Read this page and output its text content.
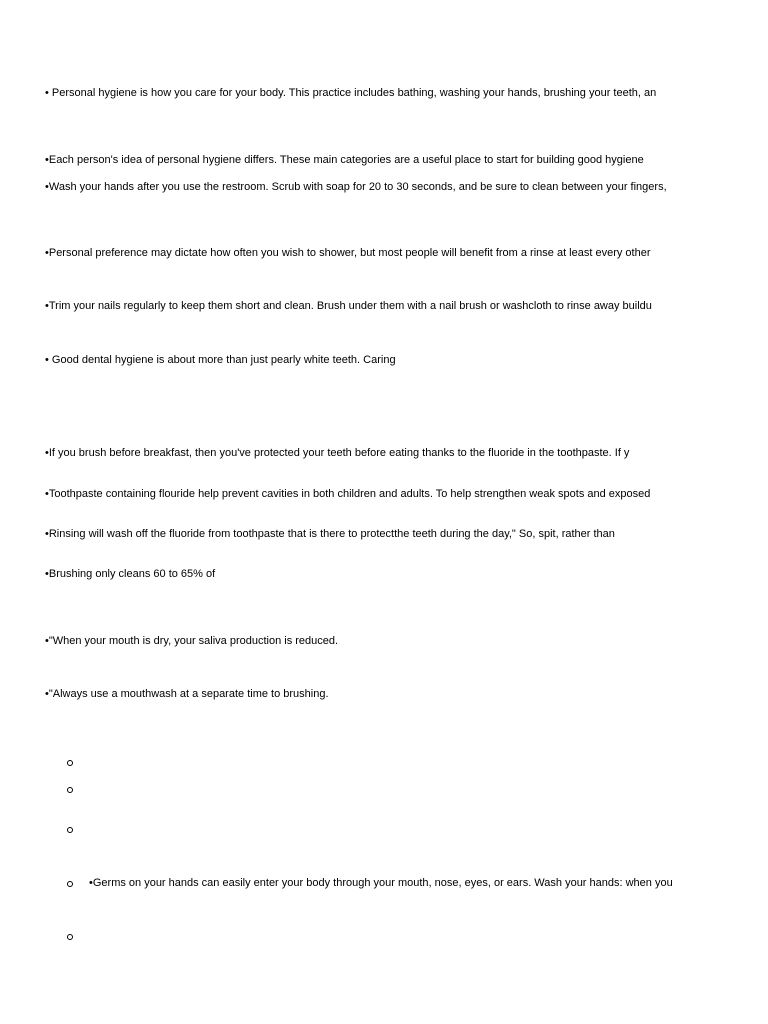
• Personal hygiene is how you care for your body. This practice includes bathing, washing your hands, brushing your teeth, an
•Each person's idea of personal hygiene differs. These main categories are a useful place to start for building good hygiene
•Wash your hands after you use the restroom. Scrub with soap for 20 to 30 seconds, and be sure to clean between your fingers,
•Personal preference may dictate how often you wish to shower, but most people will benefit from a rinse at least every other
•Trim your nails regularly to keep them short and clean. Brush under them with a nail brush or washcloth to rinse away buildu
• Good dental hygiene is about more than just pearly white teeth. Caring
•If you brush before breakfast, then you've protected your teeth before eating thanks to the fluoride in the toothpaste. If y
•Toothpaste containing flouride help prevent cavities in both children and adults. To help strengthen weak spots and exposed
•Rinsing will wash off the fluoride from toothpaste that is there to protectthe teeth during the day," So, spit, rather than
•Brushing only cleans 60 to 65% of
•"When your mouth is dry, your saliva production is reduced.
•"Always use a mouthwash at a separate time to brushing.
•Germs on your hands can easily enter your body through your mouth, nose, eyes, or ears. Wash your hands: when you
